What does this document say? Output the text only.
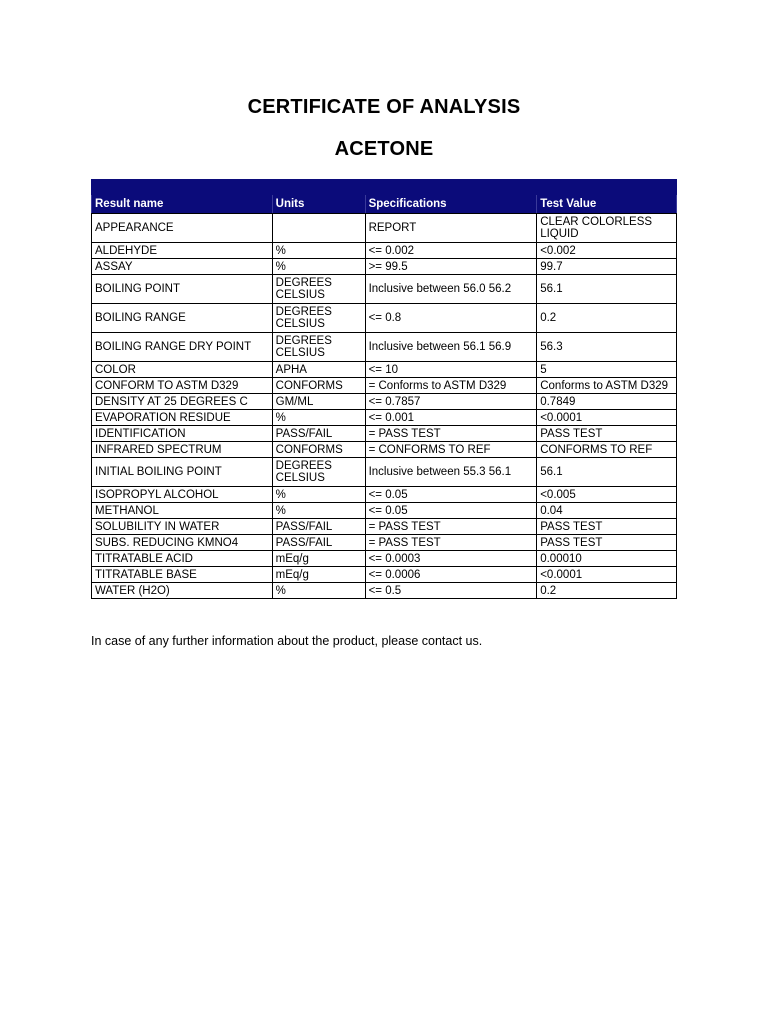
CERTIFICATE OF ANALYSIS
ACETONE

Result name	Units	Specifications	Test Value
APPEARANCE		REPORT	CLEAR COLORLESS LIQUID
ALDEHYDE	%	<= 0.002	<0.002
ASSAY	%	>= 99.5	99.7
BOILING POINT	DEGREES CELSIUS	Inclusive between 56.0 56.2	56.1
BOILING RANGE	DEGREES CELSIUS	<= 0.8	0.2
BOILING RANGE DRY POINT	DEGREES CELSIUS	Inclusive between 56.1 56.9	56.3
COLOR	APHA	<= 10	5
CONFORM TO ASTM D329	CONFORMS	= Conforms to ASTM D329	Conforms to ASTM D329
DENSITY AT 25 DEGREES C	GM/ML	<= 0.7857	0.7849
EVAPORATION RESIDUE	%	<= 0.001	<0.0001
IDENTIFICATION	PASS/FAIL	= PASS TEST	PASS TEST
INFRARED SPECTRUM	CONFORMS	= CONFORMS TO REF	CONFORMS TO REF
INITIAL BOILING POINT	DEGREES CELSIUS	Inclusive between 55.3 56.1	56.1
ISOPROPYL ALCOHOL	%	<= 0.05	<0.005
METHANOL	%	<= 0.05	0.04
SOLUBILITY IN WATER	PASS/FAIL	= PASS TEST	PASS TEST
SUBS. REDUCING KMNO4	PASS/FAIL	= PASS TEST	PASS TEST
TITRATABLE ACID	mEq/g	<= 0.0003	0.00010
TITRATABLE BASE	mEq/g	<= 0.0006	<0.0001
WATER (H2O)	%	<= 0.5	0.2
In case of any further information about the product, please contact us.
